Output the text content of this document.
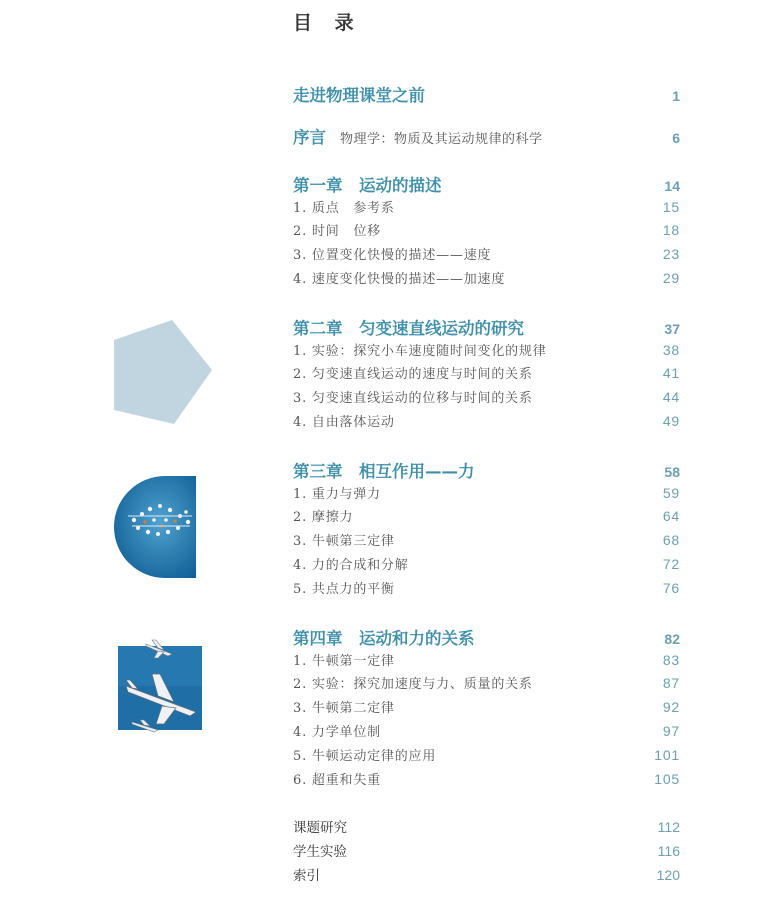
目 录
走进物理课堂之前	1
序言 物理学：物质及其运动规律的科学	6
第一章　运动的描述	14
1. 质点　参考系	15
2. 时间　位移	18
3. 位置变化快慢的描述——速度	23
4. 速度变化快慢的描述——加速度	29
第二章　匀变速直线运动的研究	37
1. 实验：探究小车速度随时间变化的规律	38
2. 匀变速直线运动的速度与时间的关系	41
3. 匀变速直线运动的位移与时间的关系	44
4. 自由落体运动	49
第三章　相互作用——力	58
1. 重力与弹力	59
2. 摩擦力	64
3. 牛顿第三定律	68
4. 力的合成和分解	72
5. 共点力的平衡	76
第四章　运动和力的关系	82
1. 牛顿第一定律	83
2. 实验：探究加速度与力、质量的关系	87
3. 牛顿第二定律	92
4. 力学单位制	97
5. 牛顿运动定律的应用	101
6. 超重和失重	105
课题研究	112
学生实验	116
索引	120
